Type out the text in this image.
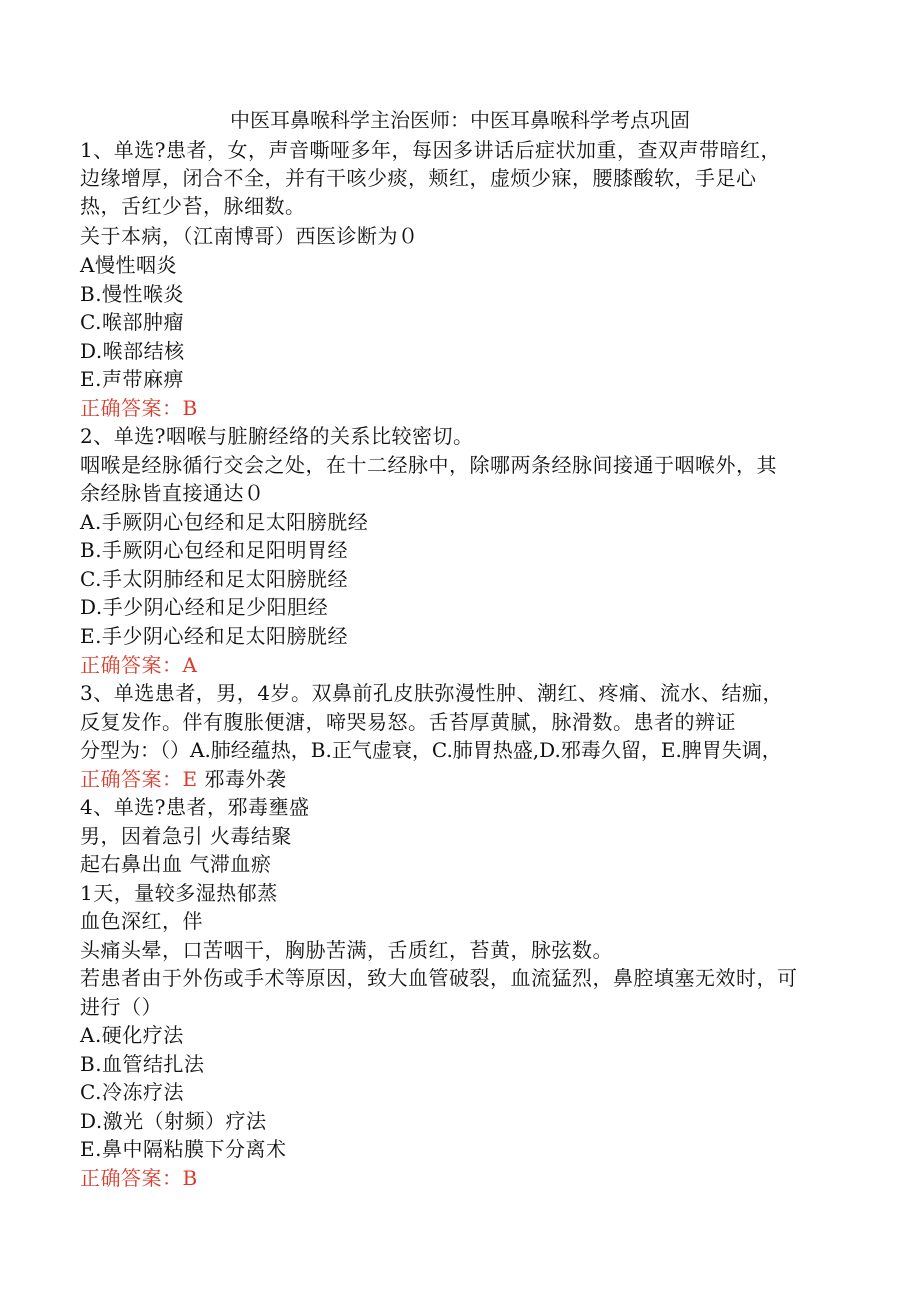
中医耳鼻喉科学主治医师：中医耳鼻喉科学考点巩固
1、单选?患者，女，声音嘶哑多年，每因多讲话后症状加重，查双声带暗红，
边缘增厚，闭合不全，并有干咳少痰，颊红，虚烦少寐，腰膝酸软，手足心
热，舌红少苔，脉细数。
关于本病，（江南博哥）西医诊断为０
A慢性咽炎
B.慢性喉炎
C.喉部肿瘤
D.喉部结核
E.声带麻痹
正确答案：B
2、单选?咽喉与脏腑经络的关系比较密切。
咽喉是经脉循行交会之处，在十二经脉中，除哪两条经脉间接通于咽喉外，其
余经脉皆直接通达０
A.手厥阴心包经和足太阳膀胱经
B.手厥阴心包经和足阳明胃经
C.手太阴肺经和足太阳膀胱经
D.手少阴心经和足少阳胆经
E.手少阴心经和足太阳膀胱经
正确答案：A
3、单选患者，男，4岁。双鼻前孔皮肤弥漫性肿、潮红、疼痛、流水、结痂，
反复发作。伴有腹胀便溏，啼哭易怒。舌苔厚黄腻，脉滑数。患者的辨证
分型为：（）A.肺经蕴热，B.正气虚衰，C.肺胃热盛,D.邪毒久留，E.脾胃失调，
正确答案：E 邪毒外袭
4、单选?患者，邪毒壅盛
男，因着急引 火毒结聚
起右鼻出血 气滞血瘀
1天，量较多湿热郁蒸
血色深红，伴
头痛头晕，口苦咽干，胸胁苦满，舌质红，苔黄，脉弦数。
若患者由于外伤或手术等原因，致大血管破裂，血流猛烈，鼻腔填塞无效时，可
进行（）
A.硬化疗法
B.血管结扎法
C.冷冻疗法
D.激光（射频）疗法
E.鼻中隔粘膜下分离术
正确答案：B
